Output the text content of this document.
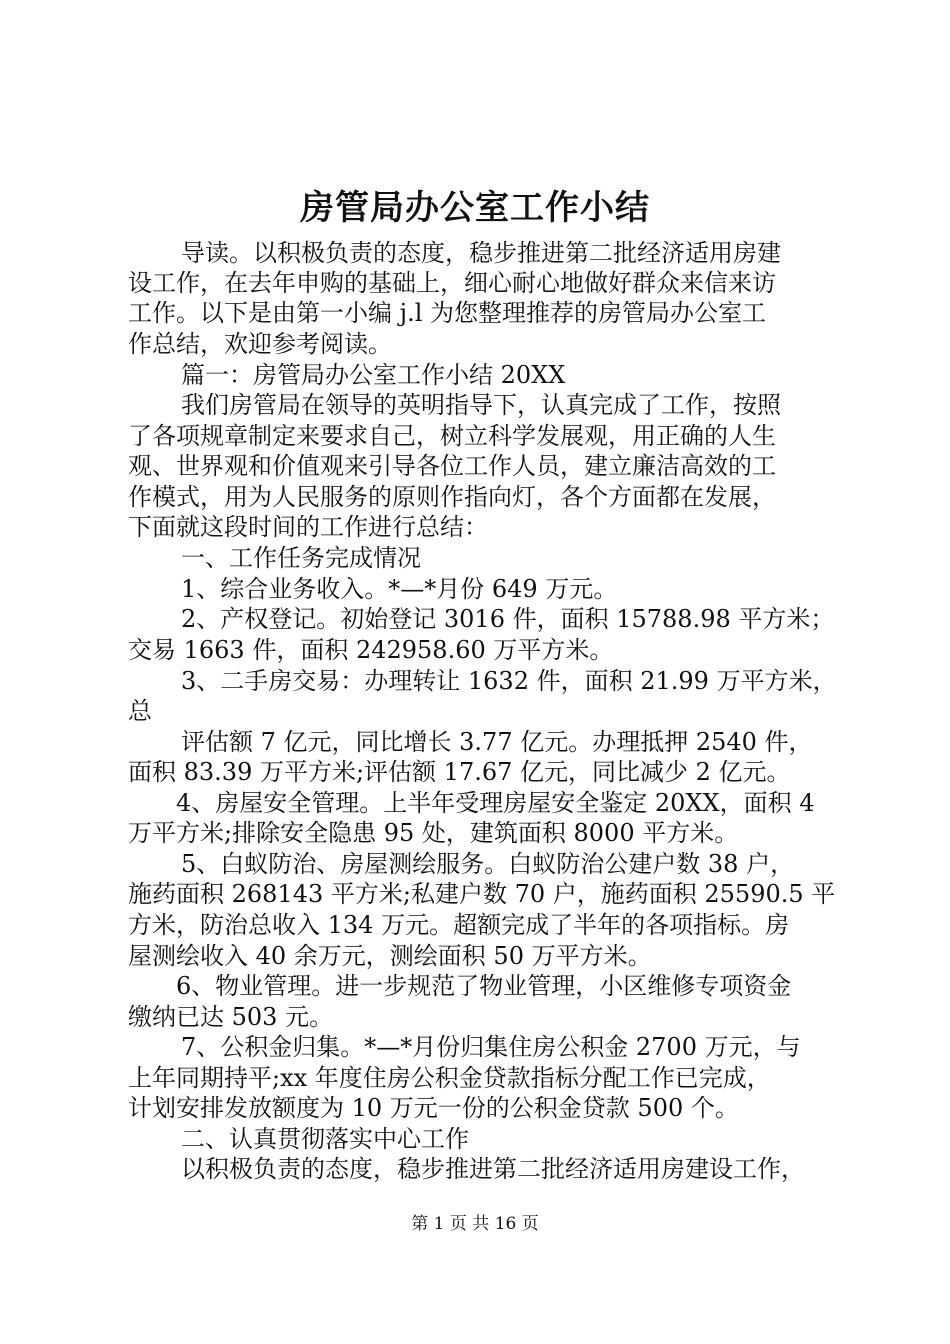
房管局办公室工作小结
导读。以积极负责的态度，稳步推进第二批经济适用房建
设工作，在去年申购的基础上，细心耐心地做好群众来信来访
工作。以下是由第一小编 j.l 为您整理推荐的房管局办公室工
作总结，欢迎参考阅读。
篇一：房管局办公室工作小结 20XX
我们房管局在领导的英明指导下，认真完成了工作，按照
了各项规章制定来要求自己，树立科学发展观，用正确的人生
观、世界观和价值观来引导各位工作人员，建立廉洁高效的工
作模式，用为人民服务的原则作指向灯，各个方面都在发展，
下面就这段时间的工作进行总结：
一、工作任务完成情况
1、综合业务收入。*—*月份 649 万元。
2、产权登记。初始登记 3016 件，面积 15788.98 平方米；
交易 1663 件，面积 242958.60 万平方米。
3、二手房交易：办理转让 1632 件，面积 21.99 万平方米，
总
评估额 7 亿元，同比增长 3.77 亿元。办理抵押 2540 件，
面积 83.39 万平方米;评估额 17.67 亿元，同比减少 2 亿元。
4、房屋安全管理。上半年受理房屋安全鉴定 20XX，面积 4
万平方米;排除安全隐患 95 处，建筑面积 8000 平方米。
5、白蚁防治、房屋测绘服务。白蚁防治公建户数 38 户，
施药面积 268143 平方米;私建户数 70 户，施药面积 25590.5 平
方米，防治总收入 134 万元。超额完成了半年的各项指标。房
屋测绘收入 40 余万元，测绘面积 50 万平方米。
6、物业管理。进一步规范了物业管理，小区维修专项资金
缴纳已达 503 元。
7、公积金归集。*—*月份归集住房公积金 2700 万元，与
上年同期持平;xx 年度住房公积金贷款指标分配工作已完成，
计划安排发放额度为 10 万元一份的公积金贷款 500 个。
二、认真贯彻落实中心工作
以积极负责的态度，稳步推进第二批经济适用房建设工作，
第 1 页 共 16 页
